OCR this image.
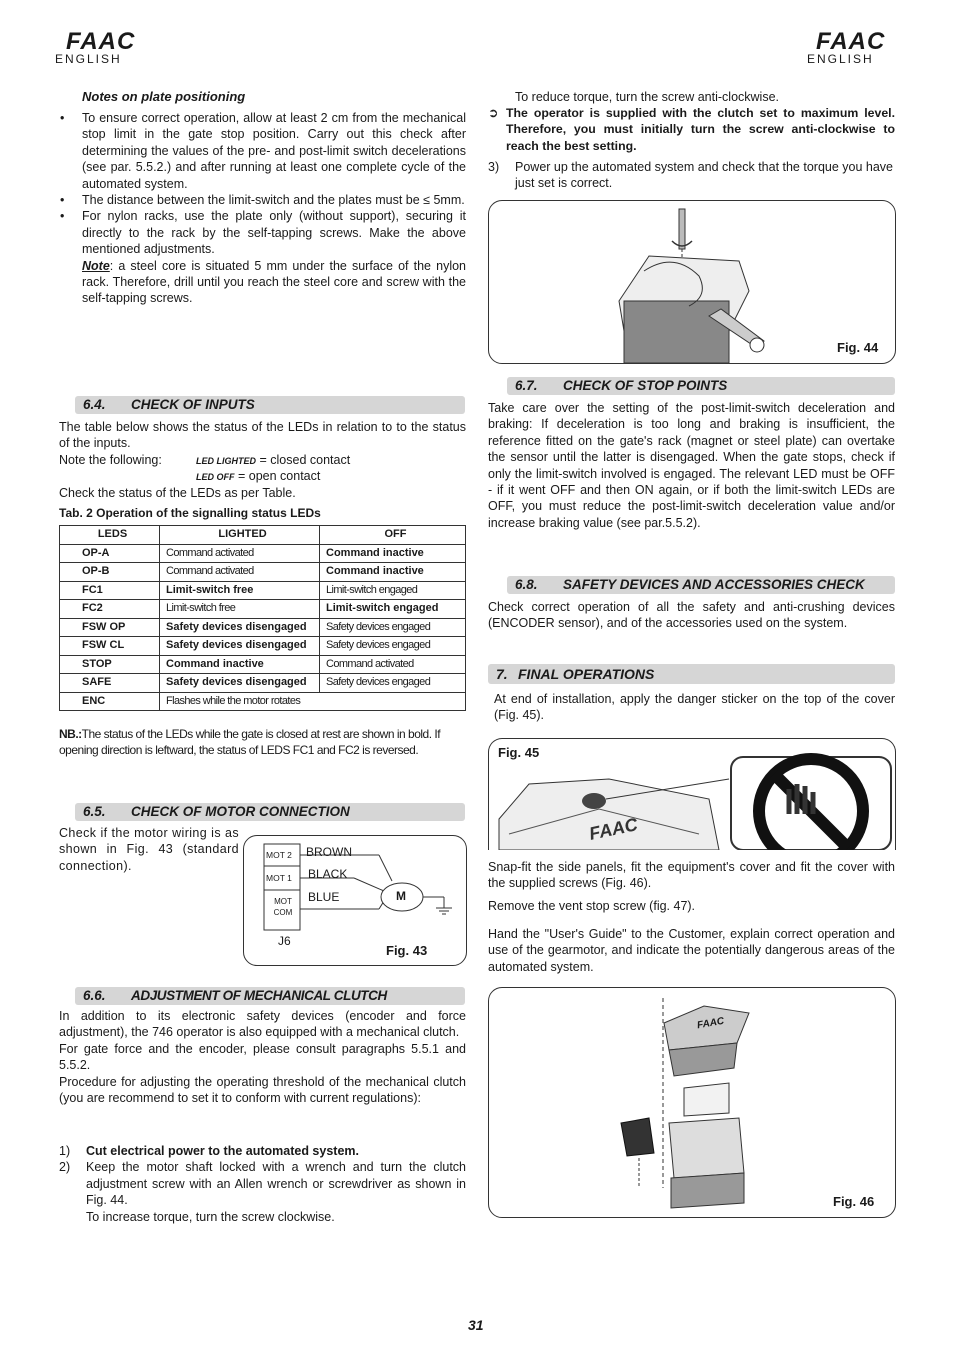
FAAC
ENGLISH
FAAC
ENGLISH
Notes on plate positioning
• To ensure correct operation, allow at least 2 cm from the mechanical stop limit in the gate stop position. Carry out this check after determining the values of the pre- and post-limit switch decelerations (see par. 5.5.2.) and after running at least one complete cycle of the automated system.
• The distance between the limit-switch and the plates must be ≤ 5mm.
• For nylon racks, use the plate only (without support), securing it directly to the rack by the self-tapping screws. Make the above mentioned adjustments.
Note: a steel core is situated 5 mm under the surface of the nylon rack. Therefore, drill until you reach the steel core and screw with the self-tapping screws.
6.4. CHECK OF INPUTS
The table below shows the status of the LEDs in relation to to the status of the inputs.
Note the following:	LED LIGHTED = closed contact
LED OFF = open contact
Check the status of the LEDs as per Table.
Tab. 2 Operation of the signalling status LEDs
LEDS	LIGHTED	OFF
OP-A	Command activated	Command inactive
OP-B	Command activated	Command inactive
FC1	Limit-switch free	Limit-switch engaged
FC2	Limit-switch free	Limit-switch engaged
FSW OP	Safety devices disengaged	Safety devices engaged
FSW CL	Safety devices disengaged	Safety devices engaged
STOP	Command inactive	Command activated
SAFE	Safety devices disengaged	Safety devices engaged
ENC	Flashes while the motor rotates	
NB.:The status of the LEDs while the gate is closed at rest are shown in bold. If opening direction is leftward, the status of LEDS FC1 and FC2 is reversed.
6.5. CHECK OF MOTOR CONNECTION
Check if the motor wiring is as shown in Fig. 43 (standard connection).
MOT 2
MOT 1
MOT COM
BROWN
BLACK
BLUE	M
J6
Fig. 43
6.6. ADJUSTMENT OF MECHANICAL CLUTCH
In addition to its electronic safety devices (encoder and force adjustment), the 746 operator is also equipped with a mechanical clutch.
For gate force and the encoder, please consult paragraphs 5.5.1 and 5.5.2.
Procedure for adjusting the operating threshold of the mechanical clutch (you are recommend to set it to conform with current regulations):
1) Cut electrical power to the automated system.
2) Keep the motor shaft locked with a wrench and turn the clutch adjustment screw with an Allen wrench or screwdriver as shown in Fig. 44.
To increase torque, turn the screw clockwise.
To reduce torque, turn the screw anti-clockwise.
➲ The operator is supplied with the clutch set to maximum level. Therefore, you must initially turn the screw anti-clockwise to reach the best setting.
3)	Power up the automated system and check that the torque you have just set is correct.
Fig. 44
6.7. CHECK OF STOP POINTS
Take care over the setting of the post-limit-switch deceleration and braking: If deceleration is too long and braking is insufficient, the reference fitted on the gate's rack (magnet or steel plate) can overtake the sensor until the latter is disengaged. When the gate stops, check if only the limit-switch involved is engaged. The relevant LED must be OFF - if it went OFF and then ON again, or if both the limit-switch LEDs are OFF, you must reduce the post-limit-switch deceleration value and/or increase braking value (see par.5.5.2).
6.8. SAFETY DEVICES AND ACCESSORIES CHECK
Check correct operation of all the safety and anti-crushing devices (ENCODER sensor), and of the accessories used on the system.
7. FINAL OPERATIONS
At end of installation, apply the danger sticker on the top of the cover (Fig. 45).
Fig. 45
FAAC
Snap-fit the side panels, fit the equipment's cover and fit the cover with the supplied screws (Fig. 46).
Remove the vent stop screw (fig. 47).
Hand the "User's Guide" to the Customer, explain correct operation and use of the gearmotor, and indicate the potentially dangerous areas of the automated system.
FAAC
Fig. 46
31
